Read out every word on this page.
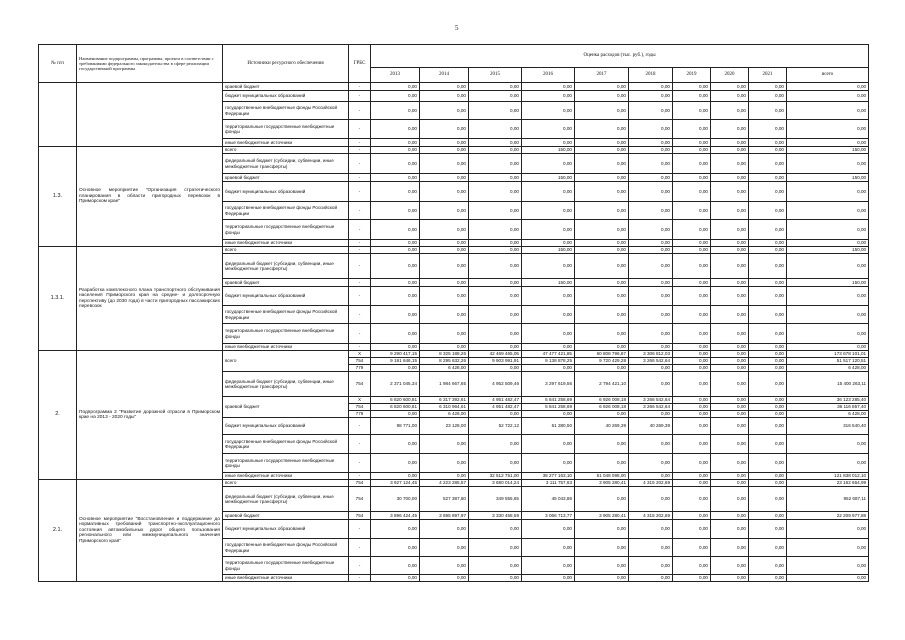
5
№ п/п	Наименование подпрограммы, программы, проекта в соответствии с требованиями федерального законодательства в сфере реализации государственной программы	Источники ресурсного обеспечения	ГРБС	Оценка расходов (тыс. руб.), годы									
				2013	2014	2015	2016	2017	2018	2019	2020	2021	всего
		краевой бюджет	-	0,00	0,00	0,00	0,00	0,00	0,00	0,00	0,00	0,00	0,00
		бюджет муниципальных образований	-	0,00	0,00	0,00	0,00	0,00	0,00	0,00	0,00	0,00	0,00
		государственные внебюджетные фонды Российской Федерации	-	0,00	0,00	0,00	0,00	0,00	0,00	0,00	0,00	0,00	0,00
		территориальные государственные внебюджетные фонды	-	0,00	0,00	0,00	0,00	0,00	0,00	0,00	0,00	0,00	0,00
		иные внебюджетные источники	-	0,00	0,00	0,00	0,00	0,00	0,00	0,00	0,00	0,00	0,00
1.3.	Основное мероприятие "Организация стратегического планирования в области пригородных перевозок в Приморском крае"	всего	-	0,00	0,00	0,00	150,00	0,00	0,00	0,00	0,00	0,00	150,00
		федеральный бюджет (субсидии, субвенции, иные межбюджетные трансферты)	-	0,00	0,00	0,00	0,00	0,00	0,00	0,00	0,00	0,00	0,00
		краевой бюджет	-	0,00	0,00	0,00	150,00	0,00	0,00	0,00	0,00	0,00	150,00
		бюджет муниципальных образований	-	0,00	0,00	0,00	0,00	0,00	0,00	0,00	0,00	0,00	0,00
		государственные внебюджетные фонды Российской Федерации	-	0,00	0,00	0,00	0,00	0,00	0,00	0,00	0,00	0,00	0,00
		территориальные государственные внебюджетные фонды	-	0,00	0,00	0,00	0,00	0,00	0,00	0,00	0,00	0,00	0,00
		иные внебюджетные источники	-	0,00	0,00	0,00	0,00	0,00	0,00	0,00	0,00	0,00	0,00
1.3.1.	Разработка комплексного плана транспортного обслуживания населения Приморского края на средне- и долгосрочную перспективу (до 2030 года) в части пригородных пассажирских перевозок	всего	-	0,00	0,00	0,00	150,00	0,00	0,00	0,00	0,00	0,00	150,00
		федеральный бюджет (субсидии, субвенции, иные межбюджетные трансферты)	-	0,00	0,00	0,00	0,00	0,00	0,00	0,00	0,00	0,00	0,00
		краевой бюджет	-	0,00	0,00	0,00	150,00	0,00	0,00	0,00	0,00	0,00	150,00
		бюджет муниципальных образований	-	0,00	0,00	0,00	0,00	0,00	0,00	0,00	0,00	0,00	0,00
		государственные внебюджетные фонды Российской Федерации	-	0,00	0,00	0,00	0,00	0,00	0,00	0,00	0,00	0,00	0,00
		территориальные государственные внебюджетные фонды	-	0,00	0,00	0,00	0,00	0,00	0,00	0,00	0,00	0,00	0,00
		иные внебюджетные источники	-	0,00	0,00	0,00	0,00	0,00	0,00	0,00	0,00	0,00	0,00
2.	Подпрограмма 2 "Развитие дорожной отрасли в Приморском крае на 2013 - 2020 годы"	всего	X	9 290 417,15	8 325 188,26	42 469 465,05	47 477 421,85	60 808 796,67	3 306 812,03	0,00	0,00	0,00	173 678 101,01
			754	9 191 646,15	8 295 632,26	9 903 991,91	9 138 878,25	9 720 429,28	3 266 542,64	0,00	0,00	0,00	51 517 120,51
			779	0,00	6 428,00	0,00	0,00	0,00	0,00	0,00	0,00	0,00	6 428,00
		федеральный бюджет (субсидии, субвенции, иные межбюджетные трансферты)	754	2 371 045,34	1 984 667,65	4 952 509,46	3 297 619,56	2 794 421,10	0,00	0,00	0,00	0,00	15 400 263,11
		краевой бюджет	X	6 820 600,81	6 317 392,61	4 951 482,47	5 841 258,69	6 926 008,18	3 266 542,64	0,00	0,00	0,00	36 123 285,40
			754	6 820 600,81	6 310 964,61	4 951 482,47	5 841 258,69	6 926 008,18	3 266 542,64	0,00	0,00	0,00	36 116 857,40
			779	0,00	6 428,00	0,00	0,00	0,00	0,00	0,00	0,00	0,00	6 428,00
		бюджет муниципальных образований	-	98 771,00	23 128,00	52 722,12	61 380,50	40 269,39	40 269,39	0,00	0,00	0,00	316 540,40
		государственные внебюджетные фонды Российской Федерации	-	0,00	0,00	0,00	0,00	0,00	0,00	0,00	0,00	0,00	0,00
		территориальные государственные внебюджетные фонды	-	0,00	0,00	0,00	0,00	0,00	0,00	0,00	0,00	0,00	0,00
		иные внебюджетные источники	-	0,00	0,00	32 512 751,00	38 277 163,10	51 048 098,00	0,00	0,00	0,00	0,00	121 838 012,10
2.1.	Основное мероприятие "Восстановление и поддержание до нормативных требований транспортно-эксплуатационного состояния автомобильных дорог общего пользования регионального или межмуниципального значения Приморского края"	всего	754	3 927 124,45	4 223 285,57	3 680 014,24	3 111 757,63	3 905 280,41	4 315 202,69	0,00	0,00	0,00	23 162 664,99
		федеральный бюджет (субсидии, субвенции, иные межбюджетные трансферты)	754	30 700,00	527 387,60	349 555,65	45 043,86	0,00	0,00	0,00	0,00	0,00	952 687,11
		краевой бюджет	754	3 896 424,45	3 695 897,97	3 330 458,59	3 066 713,77	3 905 280,41	4 315 202,69	0,00	0,00	0,00	22 209 977,88
		бюджет муниципальных образований	-	0,00	0,00	0,00	0,00	0,00	0,00	0,00	0,00	0,00	0,00
		государственные внебюджетные фонды Российской Федерации	-	0,00	0,00	0,00	0,00	0,00	0,00	0,00	0,00	0,00	0,00
		территориальные государственные внебюджетные фонды	-	0,00	0,00	0,00	0,00	0,00	0,00	0,00	0,00	0,00	0,00
		иные внебюджетные источники	-	0,00	0,00	0,00	0,00	0,00	0,00	0,00	0,00	0,00	0,00
